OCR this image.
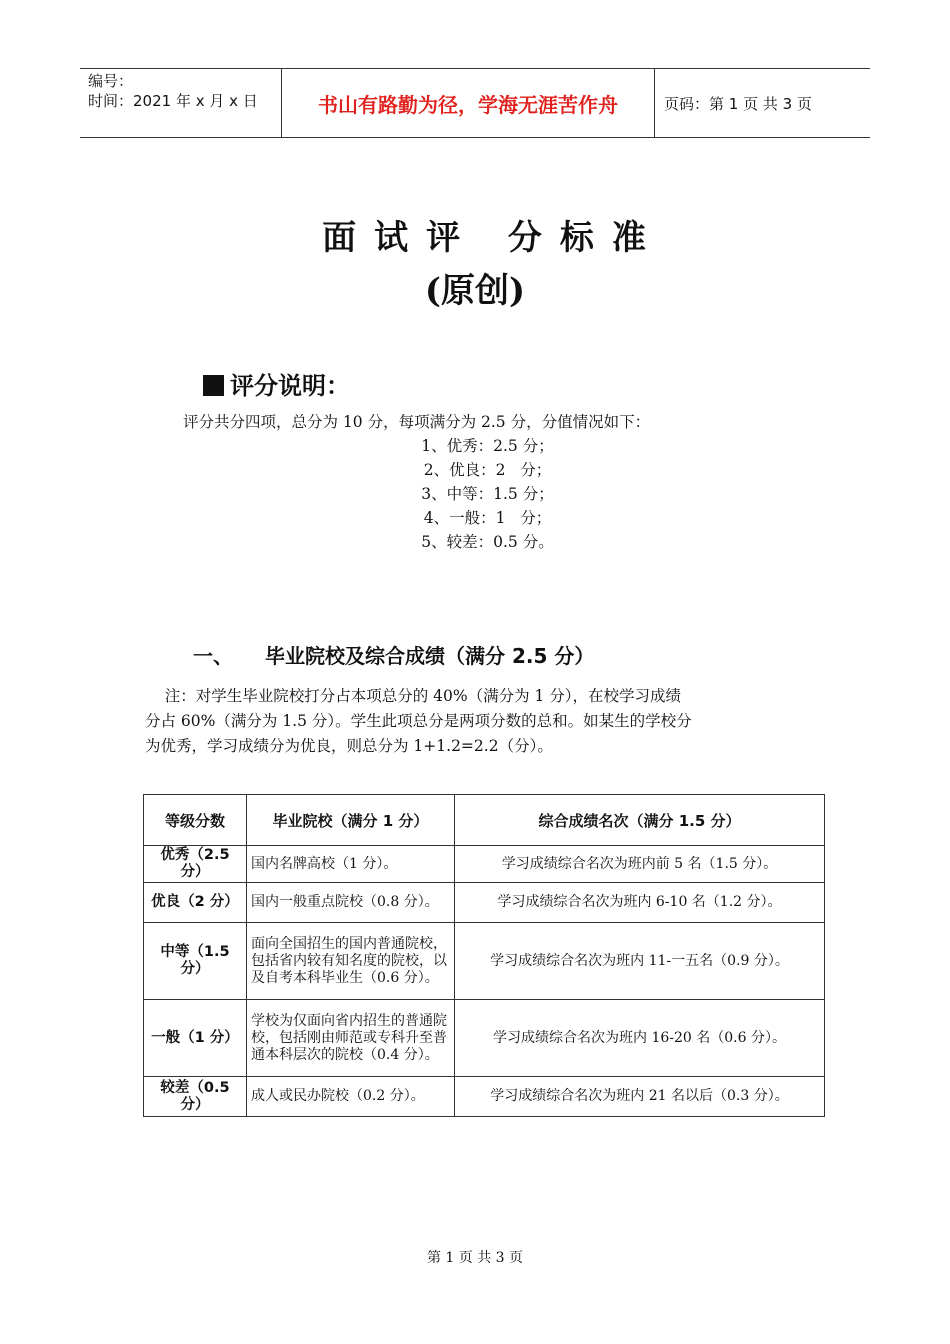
编号：
时间：2021 年 x 月 x 日	书山有路勤为径，学海无涯苦作舟	页码：第 1 页 共 3 页
面试评 分标准
(原创)
评分说明：
评分共分四项，总分为 10 分，每项满分为 2.5 分，分值情况如下：
1、优秀：2.5 分；
2、优良：2   分；
3、中等：1.5 分；
4、一般：1   分；
5、较差：0.5 分。
一、 毕业院校及综合成绩（满分 2.5 分）
注：对学生毕业院校打分占本项总分的 40%（满分为 1 分），在校学习成绩
分占 60%（满分为 1.5 分）。学生此项总分是两项分数的总和。如某生的学校分
为优秀，学习成绩分为优良，则总分为 1+1.2=2.2（分）。
等级分数	毕业院校（满分 1 分）	综合成绩名次（满分 1.5 分）
优秀（2.5 分）	国内名牌高校（1 分）。	学习成绩综合名次为班内前 5 名（1.5 分）。
优良（2 分）	国内一般重点院校（0.8 分）。	学习成绩综合名次为班内 6-10 名（1.2 分）。
中等（1.5 分）	面向全国招生的国内普通院校，包括省内较有知名度的院校，以及自考本科毕业生（0.6 分）。	学习成绩综合名次为班内 11-一五名（0.9 分）。
一般（1 分）	学校为仅面向省内招生的普通院校，包括刚由师范或专科升至普通本科层次的院校（0.4 分）。	学习成绩综合名次为班内 16-20 名（0.6 分）。
较差（0.5 分）	成人或民办院校（0.2 分）。	学习成绩综合名次为班内 21 名以后（0.3 分）。
第 1 页 共 3 页
